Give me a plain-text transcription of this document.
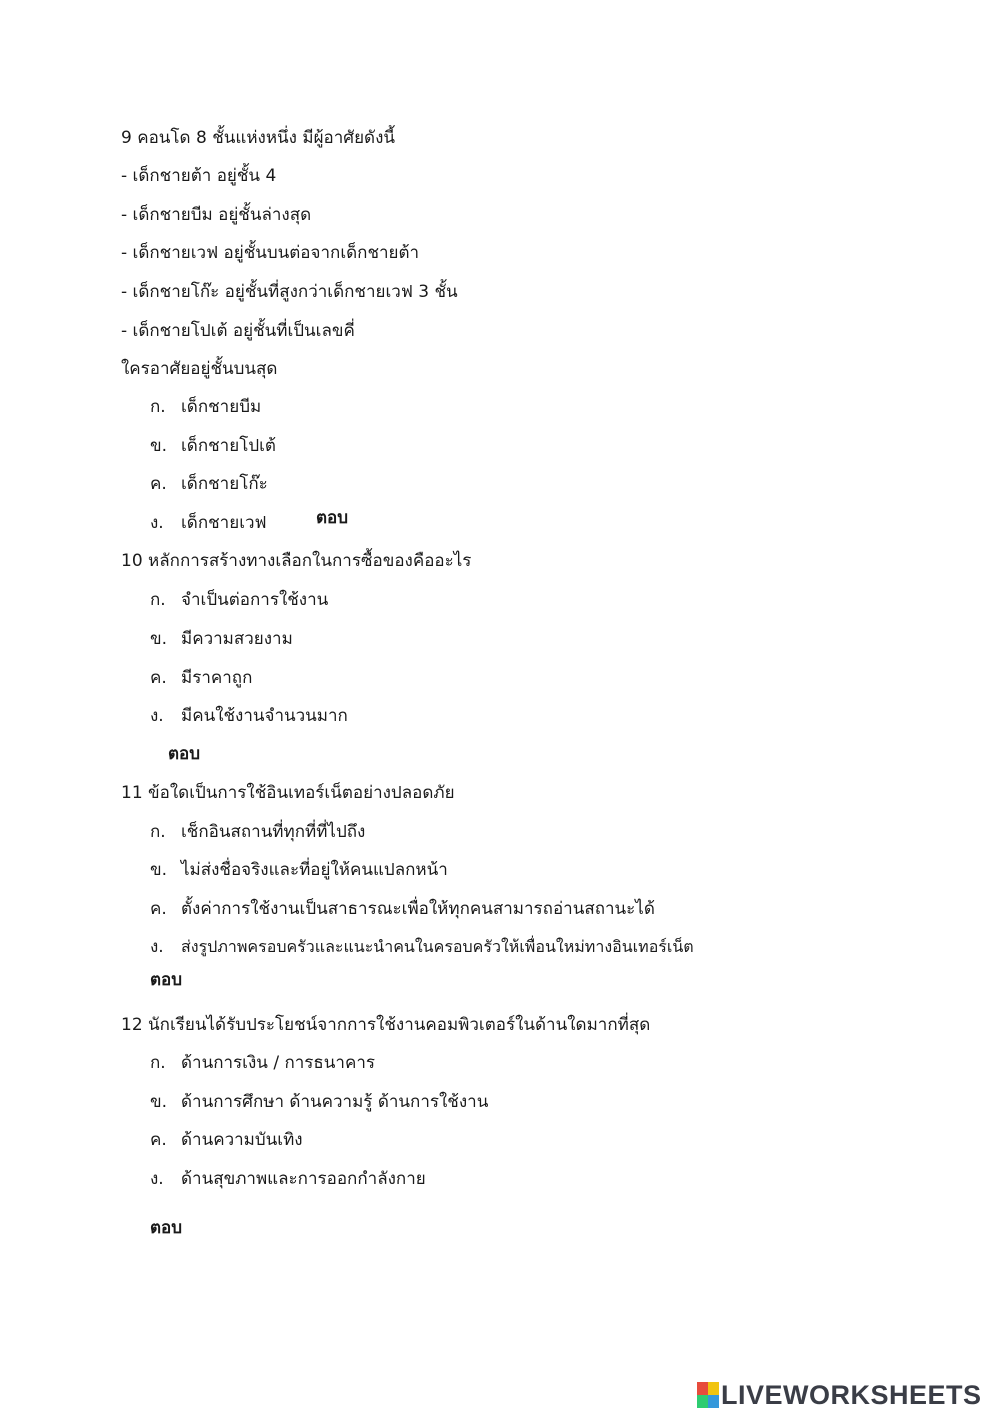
9 คอนโด 8 ชั้นแห่งหนึ่ง มีผู้อาศัยดังนี้
- เด็กชายต้า อยู่ชั้น 4
- เด็กชายบีม อยู่ชั้นล่างสุด
- เด็กชายเวฟ อยู่ชั้นบนต่อจากเด็กชายต้า
- เด็กชายโก๊ะ อยู่ชั้นที่สูงกว่าเด็กชายเวฟ 3 ชั้น
- เด็กชายโปเต้ อยู่ชั้นที่เป็นเลขคี่
ใครอาศัยอยู่ชั้นบนสุด
ก. เด็กชายบีม
ข. เด็กชายโปเต้
ค. เด็กชายโก๊ะ
ง. เด็กชายเวฟ	ตอบ
10 หลักการสร้างทางเลือกในการซื้อของคืออะไร
ก. จำเป็นต่อการใช้งาน
ข. มีความสวยงาม
ค. มีราคาถูก
ง. มีคนใช้งานจำนวนมาก
ตอบ
11 ข้อใดเป็นการใช้อินเทอร์เน็ตอย่างปลอดภัย
ก. เช็กอินสถานที่ทุกที่ที่ไปถึง
ข. ไม่ส่งชื่อจริงและที่อยู่ให้คนแปลกหน้า
ค. ตั้งค่าการใช้งานเป็นสาธารณะเพื่อให้ทุกคนสามารถอ่านสถานะได้
ง. ส่งรูปภาพครอบครัวและแนะนำคนในครอบครัวให้เพื่อนใหม่ทางอินเทอร์เน็ต
ตอบ
12 นักเรียนได้รับประโยชน์จากการใช้งานคอมพิวเตอร์ในด้านใดมากที่สุด
ก. ด้านการเงิน / การธนาคาร
ข. ด้านการศึกษา ด้านความรู้ ด้านการใช้งาน
ค. ด้านความบันเทิง
ง. ด้านสุขภาพและการออกกำลังกาย
ตอบ
LIVEWORKSHEETS
